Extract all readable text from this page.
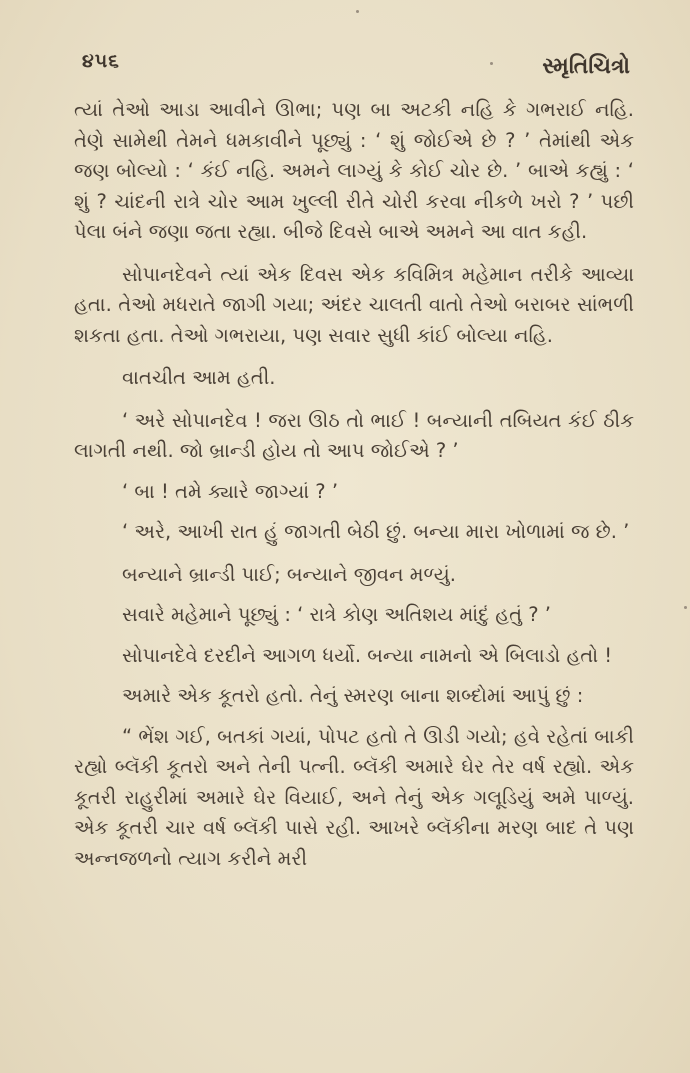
૪૫૬	સ્મૃતિચિત્રો

ત્યાં તેઓ આડા આવીને ઊભા; પણ બા અટકી નહિ કે ગભરાઈ નહિ. તેણે સામેથી તેમને ધમકાવીને પૂછ્યું : ‘ શું જોઈએ છે ? ’ તેમાંથી એક જણ બોલ્યો : ‘ કંઈ નહિ. અમને લાગ્યું કે કોઈ ચોર છે. ’ બાએ કહ્યું : ‘ શું ? ચાંદની રાત્રે ચોર આમ ખુલ્લી રીતે ચોરી કરવા નીકળે ખરો ? ’ પછી પેલા બંને જણા જતા રહ્યા. બીજે દિવસે બાએ અમને આ વાત કહી.

સોપાનદેવને ત્યાં એક દિવસ એક કવિમિત્ર મહેમાન તરીકે આવ્યા હતા. તેઓ મધરાતે જાગી ગયા; અંદર ચાલતી વાતો તેઓ બરાબર સાંભળી શકતા હતા. તેઓ ગભરાયા, પણ સવાર સુધી કાંઈ બોલ્યા નહિ.

વાતચીત આમ હતી.

‘ અરે સોપાનદેવ ! જરા ઊઠ તો ભાઈ ! બન્યાની તબિયત કંઈ ઠીક લાગતી નથી. જો બ્રાન્ડી હોય તો આપ જોઈએ ? ’

‘ બા ! તમે ક્યારે જાગ્યાં ? ’

‘ અરે, આખી રાત હું જાગતી બેઠી છું. બન્યા મારા ખોળામાં જ છે. ’

બન્યાને બ્રાન્ડી પાઈ; બન્યાને જીવન મળ્યું.

સવારે મહેમાને પૂછ્યું : ‘ રાત્રે કોણ અતિશય માંદું હતું ? ’

સોપાનદેવે દરદીને આગળ ધર્યો. બન્યા નામનો એ બિલાડો હતો !

અમારે એક કૂતરો હતો. તેનું સ્મરણ બાના શબ્દોમાં આપું છું :

“ ભેંશ ગઈ, બતકાં ગયાં, પોપટ હતો તે ઊડી ગયો; હવે રહેતાં બાકી રહ્યો બ્લૅકી કૂતરો અને તેની પત્ની. બ્લૅકી અમારે ઘેર તેર વર્ષ રહ્યો. એક કૂતરી રાહુરીમાં અમારે ઘેર વિયાઈ, અને તેનું એક ગલૂડિયું અમે પાળ્યું. એક કૂતરી ચાર વર્ષ બ્લૅકી પાસે રહી. આખરે બ્લૅકીના મરણ બાદ તે પણ અન્નજળનો ત્યાગ કરીને મરી
